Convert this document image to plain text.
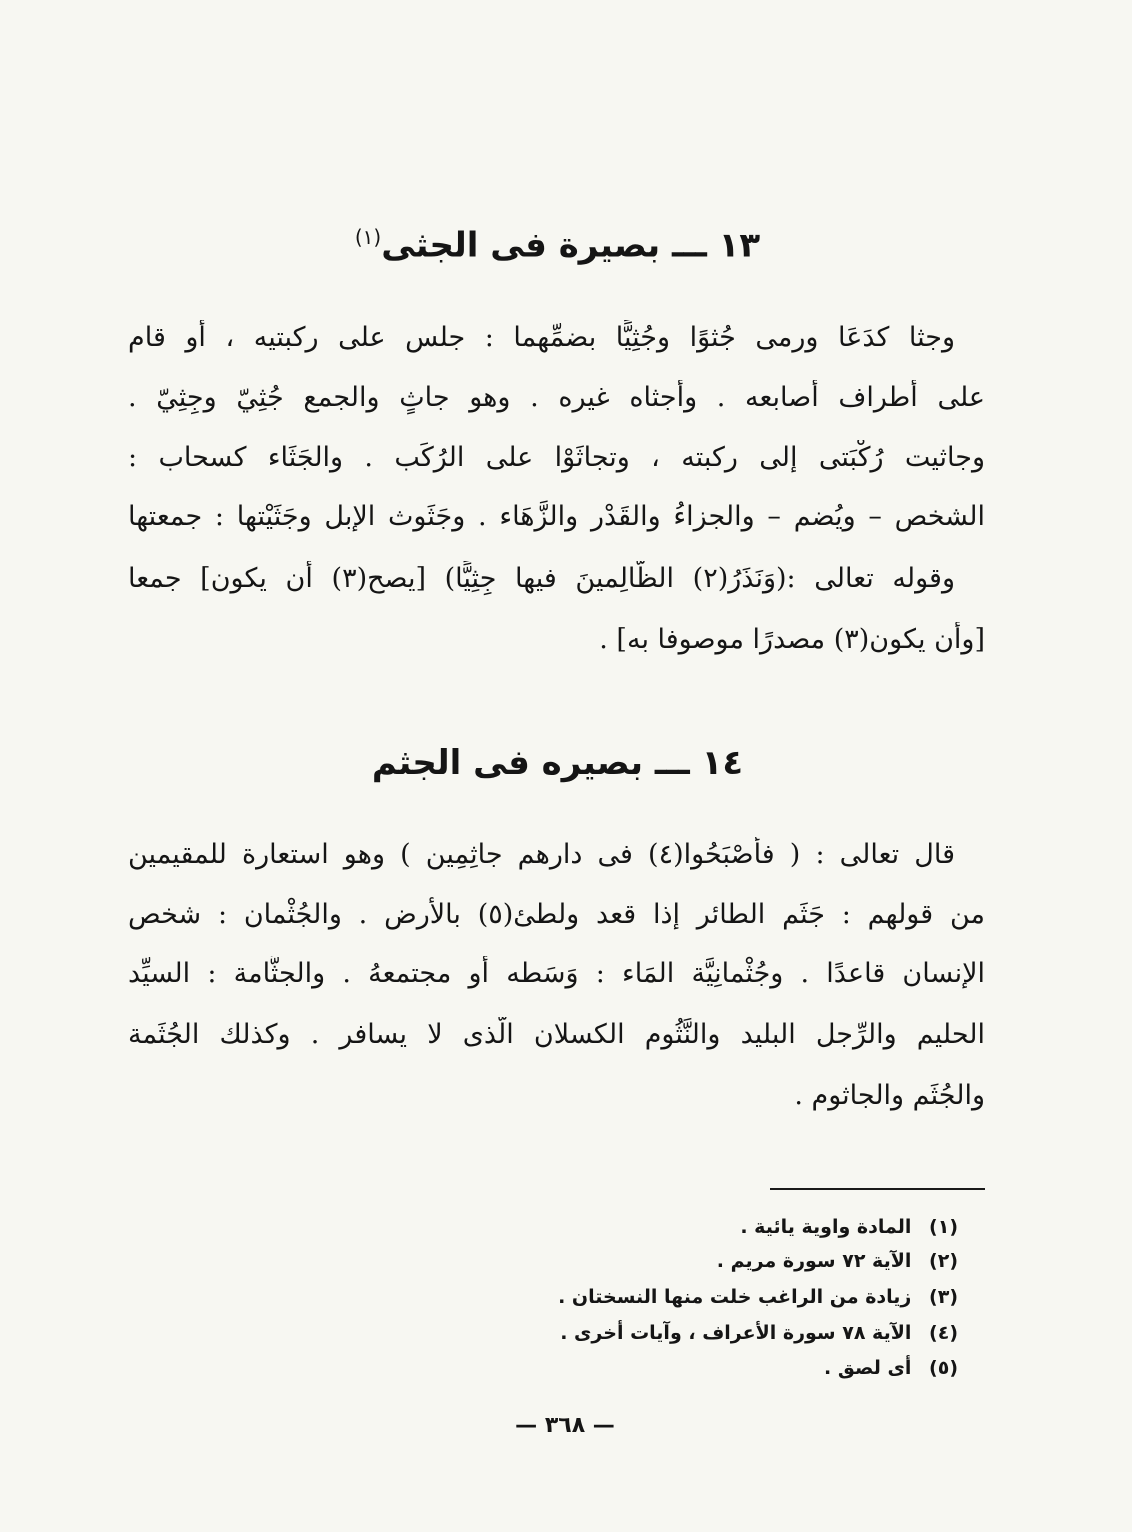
١٣ ـــ بصيرة فى الجثى$^{(١)}$
وجثا كدَعَا ورمى جُثوًا وجُثِيًّا بضمِّهما : جلس على ركبتيه ، أو قام
على أطراف أصابعه . وأجثاه غيره . وهو جاثٍ والجمع جُثِيّ وجِثِيّ .
وجاثيت رُكْبَتى إلى ركبته ، وتجاثَوْا على الرُكَب . والجَثَاء كسحاب :
الشخص – ويُضم – والجزاءُ والقَدْر والزَّهَاء . وجَثَوث الإبل وجَثَيْتها : جمعتها
وقوله تعالى :(وَنَذَرُ(٢) الظَّالِمينَ فيها جِثِيًّا) [يصح(٣) أن يكون] جمعا
[وأن يكون(٣) مصدرًا موصوفا به] .
١٤ ـــ بصيره فى الجثم
قال تعالى : ( فأَصْبَحُوا(٤) فى دارهم جاثِمِين ) وهو استعارة للمقيمين
من قولهم : جَثَم الطائر إذا قعد ولطئ(٥) بالأرض . والجُثْمان : شخص
الإنسان قاعدًا . وجُثْمانِيَّة المَاء : وَسَطه أو مجتمعهُ . والجثَّامة : السيِّد
الحليم والرِّجل البليد والنَّثُوم الكسلان الَّذى لا يسافر . وكذلك الجُثَمة
والجُثَم والجاثوم .
(١) المادة واوية يائية .
(٢) الآية ٧٢ سورة مريم .
(٣) زيادة من الراغب خلت منها النسختان .
(٤) الآية ٧٨ سورة الأعراف ، وآيات أخرى .
(٥) أى لصق .
— ٣٦٨ —
